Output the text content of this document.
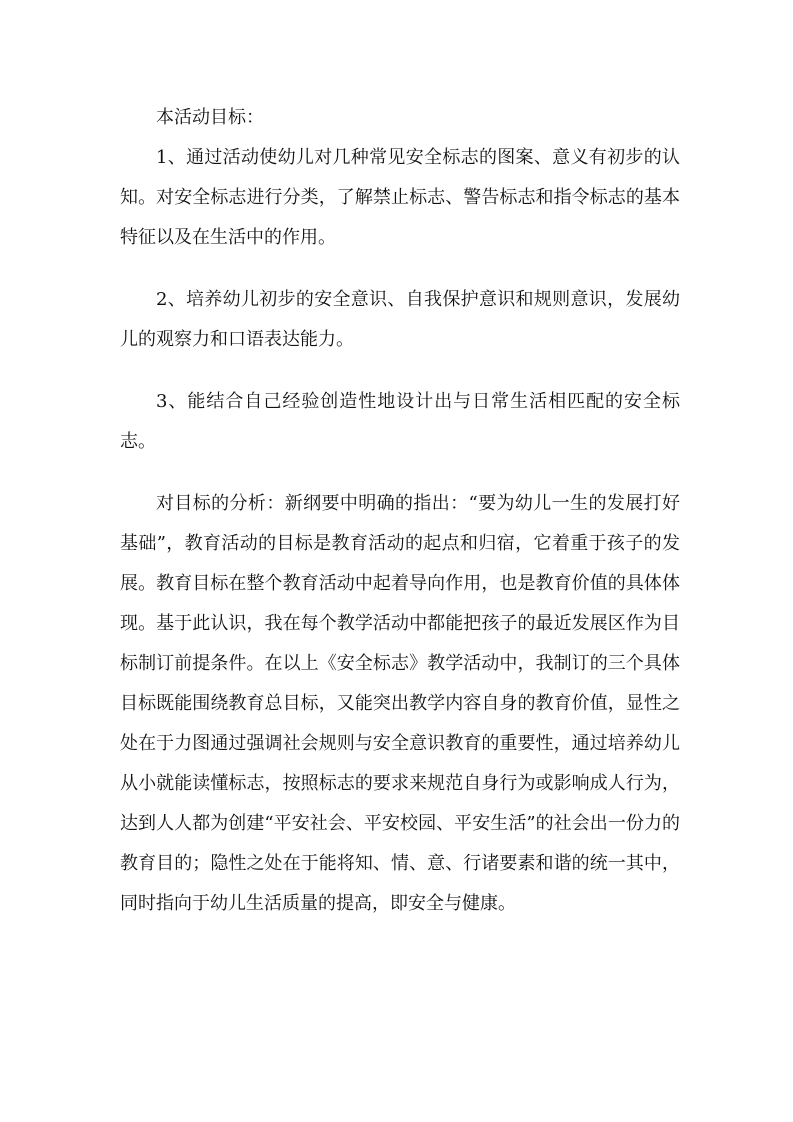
本活动目标：

1、通过活动使幼儿对几种常见安全标志的图案、意义有初步的认知。对安全标志进行分类，了解禁止标志、警告标志和指令标志的基本特征以及在生活中的作用。

2、培养幼儿初步的安全意识、自我保护意识和规则意识，发展幼儿的观察力和口语表达能力。

3、能结合自己经验创造性地设计出与日常生活相匹配的安全标志。

对目标的分析：新纲要中明确的指出：“要为幼儿一生的发展打好基础”，教育活动的目标是教育活动的起点和归宿，它着重于孩子的发展。教育目标在整个教育活动中起着导向作用，也是教育价值的具体体现。基于此认识，我在每个教学活动中都能把孩子的最近发展区作为目标制订前提条件。在以上《安全标志》教学活动中，我制订的三个具体目标既能围绕教育总目标，又能突出教学内容自身的教育价值，显性之处在于力图通过强调社会规则与安全意识教育的重要性，通过培养幼儿从小就能读懂标志，按照标志的要求来规范自身行为或影响成人行为，达到人人都为创建“平安社会、平安校园、平安生活”的社会出一份力的教育目的；隐性之处在于能将知、情、意、行诸要素和谐的统一其中，同时指向于幼儿生活质量的提高，即安全与健康。
